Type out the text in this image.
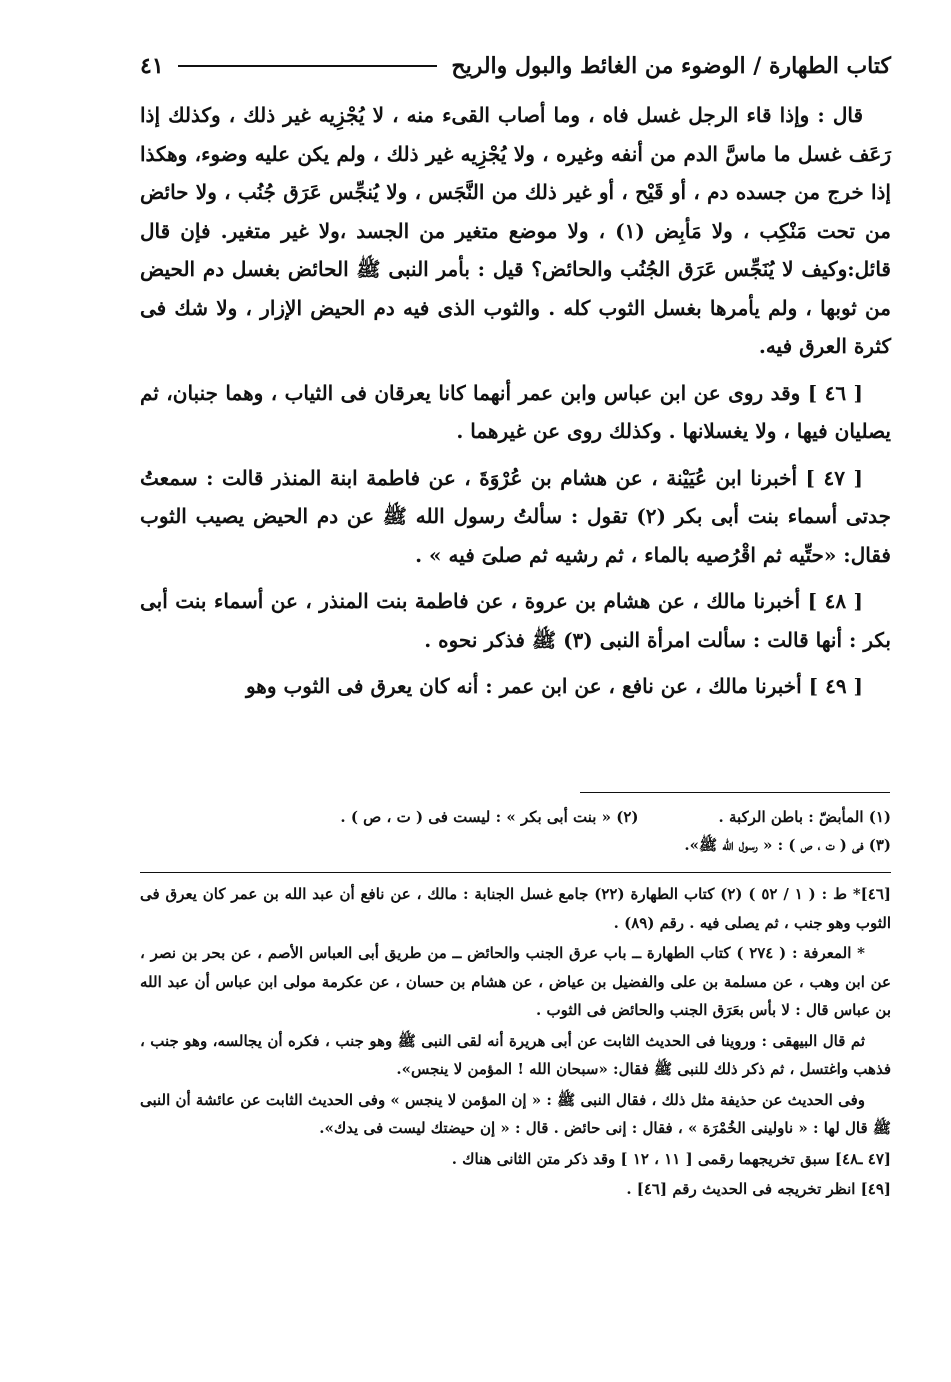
كتاب الطهارة / الوضوء من الغائط والبول والريح
٤١

قال : وإذا قاء الرجل غسل فاه ، وما أصاب القىء منه ، لا يُجْزِيه غير ذلك ، وكذلك إذا رَعَف غسل ما ماسَّ الدم من أنفه وغيره ، ولا يُجْزِيه غير ذلك ، ولم يكن عليه وضوء، وهكذا إذا خرج من جسده دم ، أو قَيْح ، أو غير ذلك من النَّجَس ، ولا يُنجِّس عَرَق جُنُب ، ولا حائض من تحت مَنْكِب ، ولا مَأبِض (١) ، ولا موضع متغير من الجسد ،ولا غير متغير. فإن قال قائل:وكيف لا يُنَجِّس عَرَق الجُنُب والحائض؟ قيل : بأمر النبى ﷺ الحائض بغسل دم الحيض من ثوبها ، ولم يأمرها بغسل الثوب كله . والثوب الذى فيه دم الحيض الإزار ، ولا شك فى كثرة العرق فيه.

[ ٤٦ ] وقد روى عن ابن عباس وابن عمر أنهما كانا يعرقان فى الثياب ، وهما جنبان، ثم يصليان فيها ، ولا يغسلانها . وكذلك روى عن غيرهما .

[ ٤٧ ] أخبرنا ابن عُيَيْنة ، عن هشام بن عُرْوَةَ ، عن فاطمة ابنة المنذر قالت : سمعتُ جدتى أسماء بنت أبى بكر (٢) تقول : سألتُ رسول الله ﷺ عن دم الحيض يصيب الثوب فقال: «حتِّيه ثم اقْرُصيه بالماء ، ثم رشيه ثم صلىَ فيه » .

[ ٤٨ ] أخبرنا مالك ، عن هشام بن عروة ، عن فاطمة بنت المنذر ، عن أسماء بنت أبى بكر : أنها قالت : سألت امرأة النبى (٣) ﷺ فذكر نحوه .

[ ٤٩ ] أخبرنا مالك ، عن نافع ، عن ابن عمر : أنه كان يعرق فى الثوب وهو

(١) المأبضّ : باطن الركبة .
(٢) « بنت أبى بكر » : ليست فى ( ت ، ص ) .
(٣) فى ( ت ، ص ) : « رسول الله ﷺ».

[٤٦]* ط : ( ١ / ٥٢ ) (٢) كتاب الطهارة (٢٢) جامع غسل الجنابة : مالك ، عن نافع أن عبد الله بن عمر كان يعرق فى الثوب وهو جنب ، ثم يصلى فيه . رقم (٨٩) .

* المعرفة : ( ٢٧٤ ) كتاب الطهارة ــ باب عرق الجنب والحائض ــ من طريق أبى العباس الأصم ، عن بحر بن نصر ، عن ابن وهب ، عن مسلمة بن على والفضيل بن عياض ، عن هشام بن حسان ، عن عكرمة مولى ابن عباس أن عبد الله بن عباس قال : لا بأس بعَرَق الجنب والحائض فى الثوب .

ثم قال البيهقى : وروينا فى الحديث الثابت عن أبى هريرة أنه لقى النبى ﷺ وهو جنب ، فكره أن يجالسه، وهو جنب ، فذهب واغتسل ، ثم ذكر ذلك للنبى ﷺ فقال: «سبحان الله ! المؤمن لا ينجس».

وفى الحديث عن حذيفة مثل ذلك ، فقال النبى ﷺ : « إن المؤمن لا ينجس » وفى الحديث الثابت عن عائشة أن النبى ﷺ قال لها : « ناولينى الخُمْرَة » ، فقال : إنى حائض . قال : « إن حيضتك ليست فى يدك».

[٤٧ ـ٤٨] سبق تخريجهما رقمى [ ١١ ، ١٢ ] وقد ذكر متن الثانى هناك .

[٤٩] انظر تخريجه فى الحديث رقم [٤٦] .
